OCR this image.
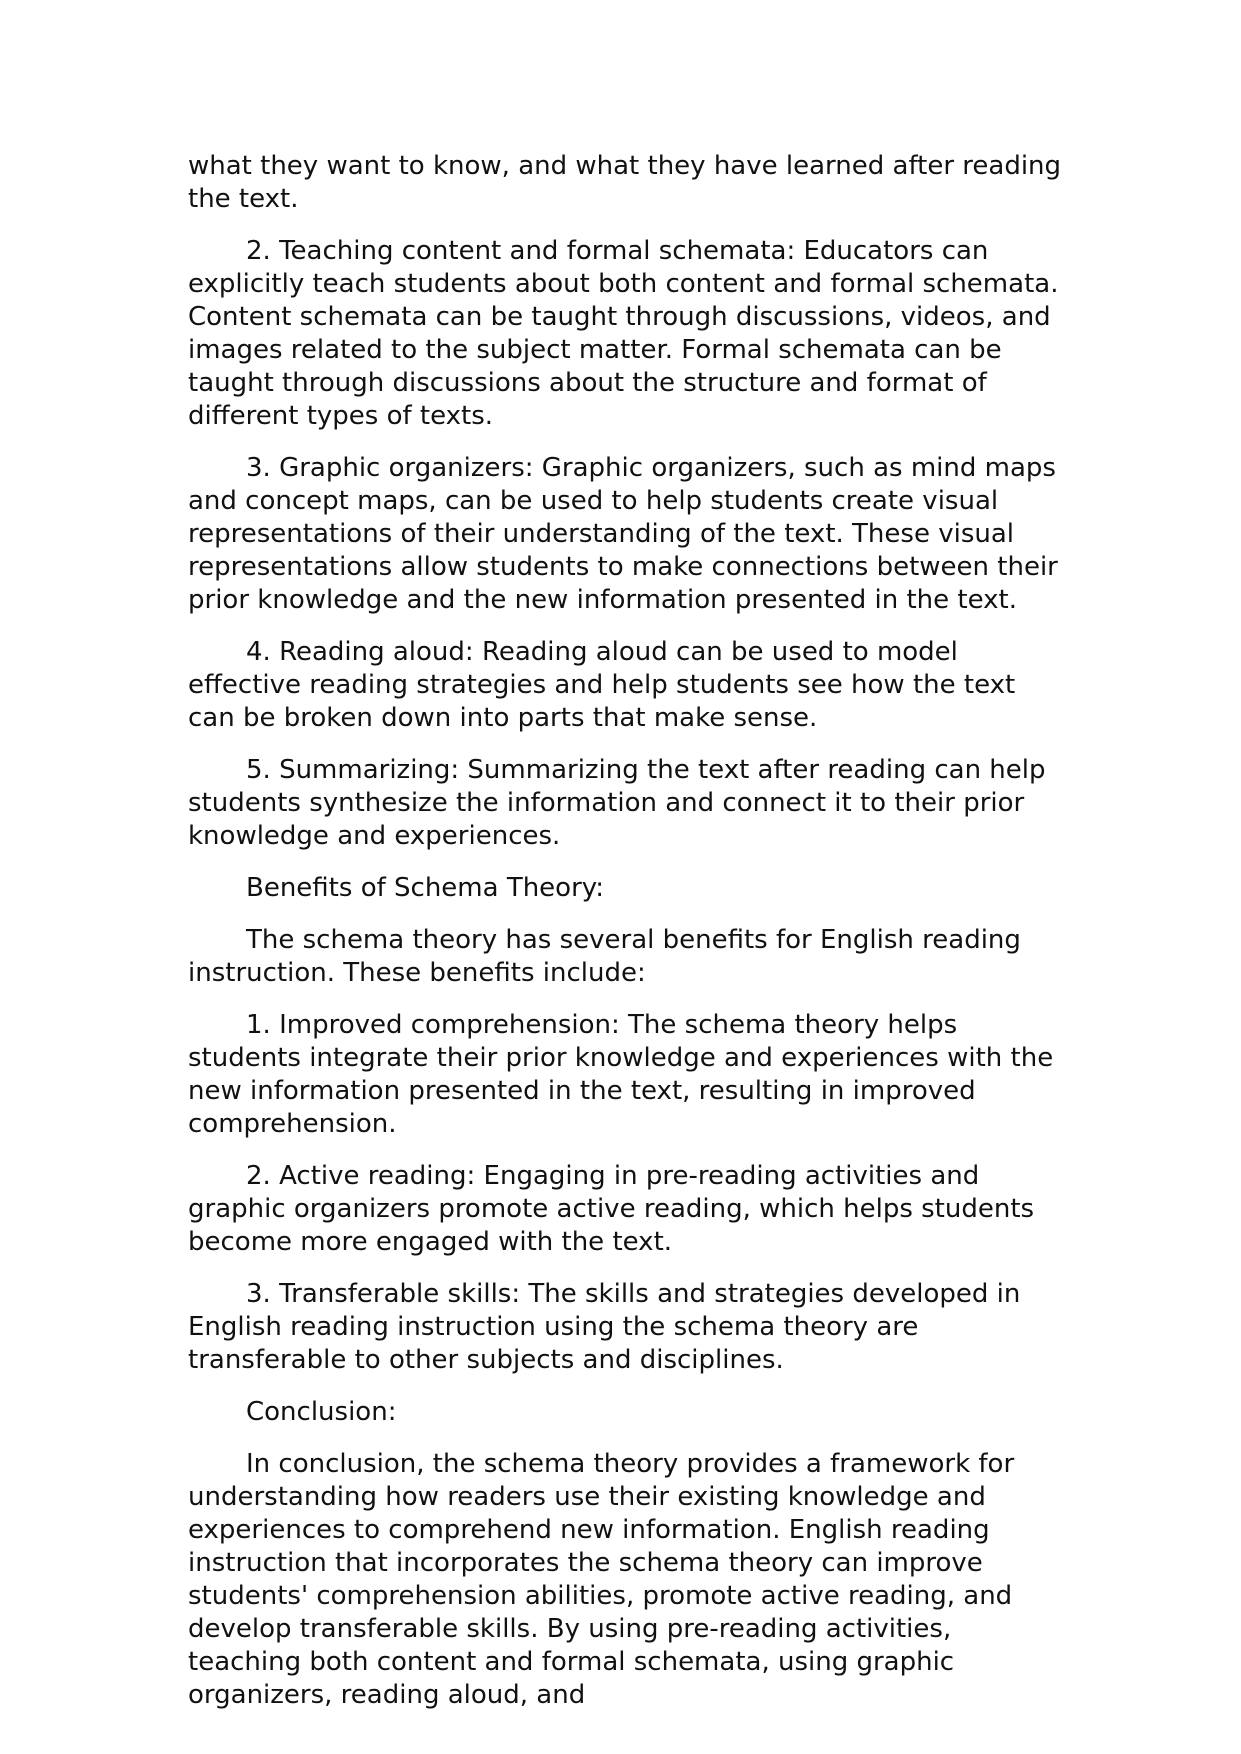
what they want to know, and what they have learned after reading the text.

2. Teaching content and formal schemata: Educators can explicitly teach students about both content and formal schemata. Content schemata can be taught through discussions, videos, and images related to the subject matter. Formal schemata can be taught through discussions about the structure and format of different types of texts.

3. Graphic organizers: Graphic organizers, such as mind maps and concept maps, can be used to help students create visual representations of their understanding of the text. These visual representations allow students to make connections between their prior knowledge and the new information presented in the text.

4. Reading aloud: Reading aloud can be used to model effective reading strategies and help students see how the text can be broken down into parts that make sense.

5. Summarizing: Summarizing the text after reading can help students synthesize the information and connect it to their prior knowledge and experiences.

Benefits of Schema Theory:

The schema theory has several benefits for English reading instruction. These benefits include:

1. Improved comprehension: The schema theory helps students integrate their prior knowledge and experiences with the new information presented in the text, resulting in improved comprehension.

2. Active reading: Engaging in pre-reading activities and graphic organizers promote active reading, which helps students become more engaged with the text.

3. Transferable skills: The skills and strategies developed in English reading instruction using the schema theory are transferable to other subjects and disciplines.

Conclusion:

In conclusion, the schema theory provides a framework for understanding how readers use their existing knowledge and experiences to comprehend new information. English reading instruction that incorporates the schema theory can improve students' comprehension abilities, promote active reading, and develop transferable skills. By using pre-reading activities, teaching both content and formal schemata, using graphic organizers, reading aloud, and
